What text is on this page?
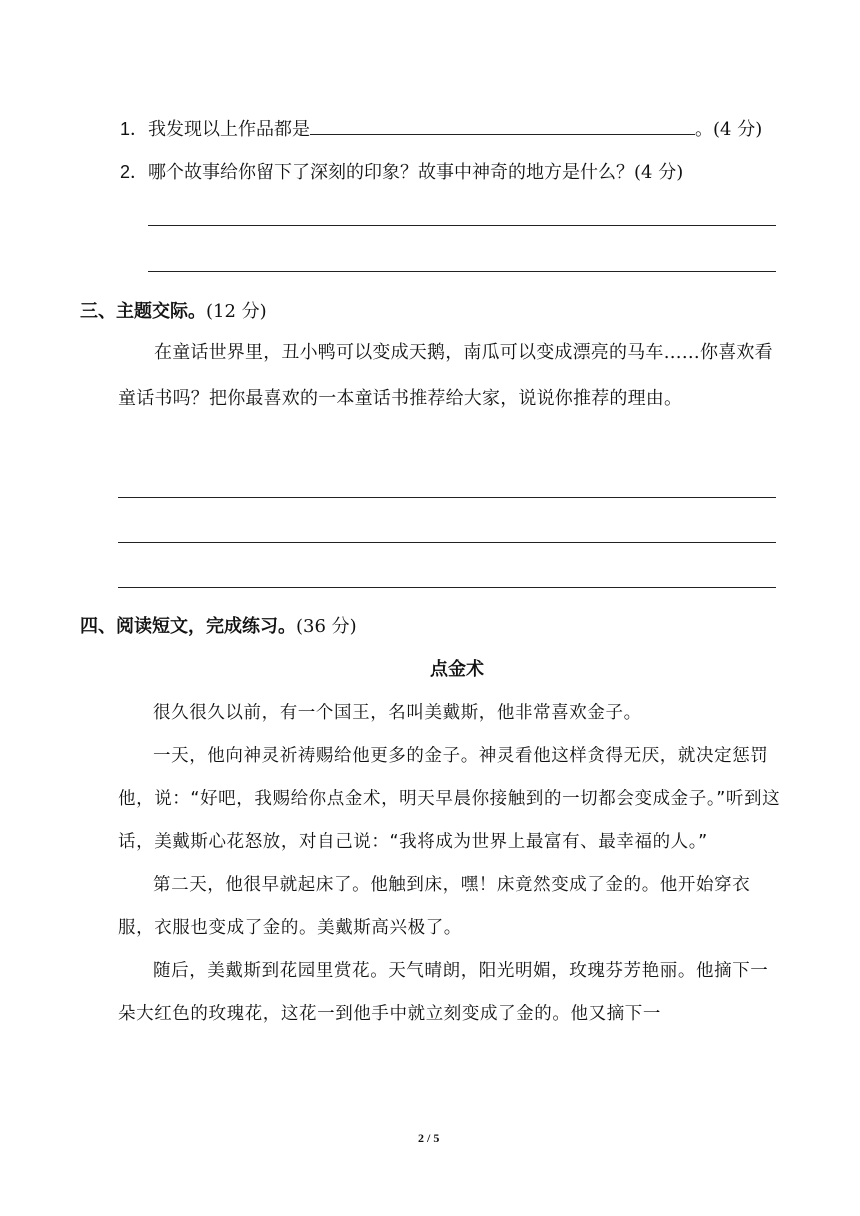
1．我发现以上作品都是	。(4 分)
2．哪个故事给你留下了深刻的印象？故事中神奇的地方是什么？(4 分)
三、主题交际。(12 分)

在童话世界里，丑小鸭可以变成天鹅，南瓜可以变成漂亮的马车……你喜欢看童话书吗？把你最喜欢的一本童话书推荐给大家，说说你推荐的理由。

四、阅读短文，完成练习。(36 分)
点金术

很久很久以前，有一个国王，名叫美戴斯，他非常喜欢金子。

一天，他向神灵祈祷赐给他更多的金子。神灵看他这样贪得无厌，就决定惩罚他，说：“好吧，我赐给你点金术，明天早晨你接触到的一切都会变成金子。”听到这话，美戴斯心花怒放，对自己说：“我将成为世界上最富有、最幸福的人。”

第二天，他很早就起床了。他触到床，嘿！床竟然变成了金的。他开始穿衣服，衣服也变成了金的。美戴斯高兴极了。

随后，美戴斯到花园里赏花。天气晴朗，阳光明媚，玫瑰芬芳艳丽。他摘下一朵大红色的玫瑰花，这花一到他手中就立刻变成了金的。他又摘下一

2 / 5
